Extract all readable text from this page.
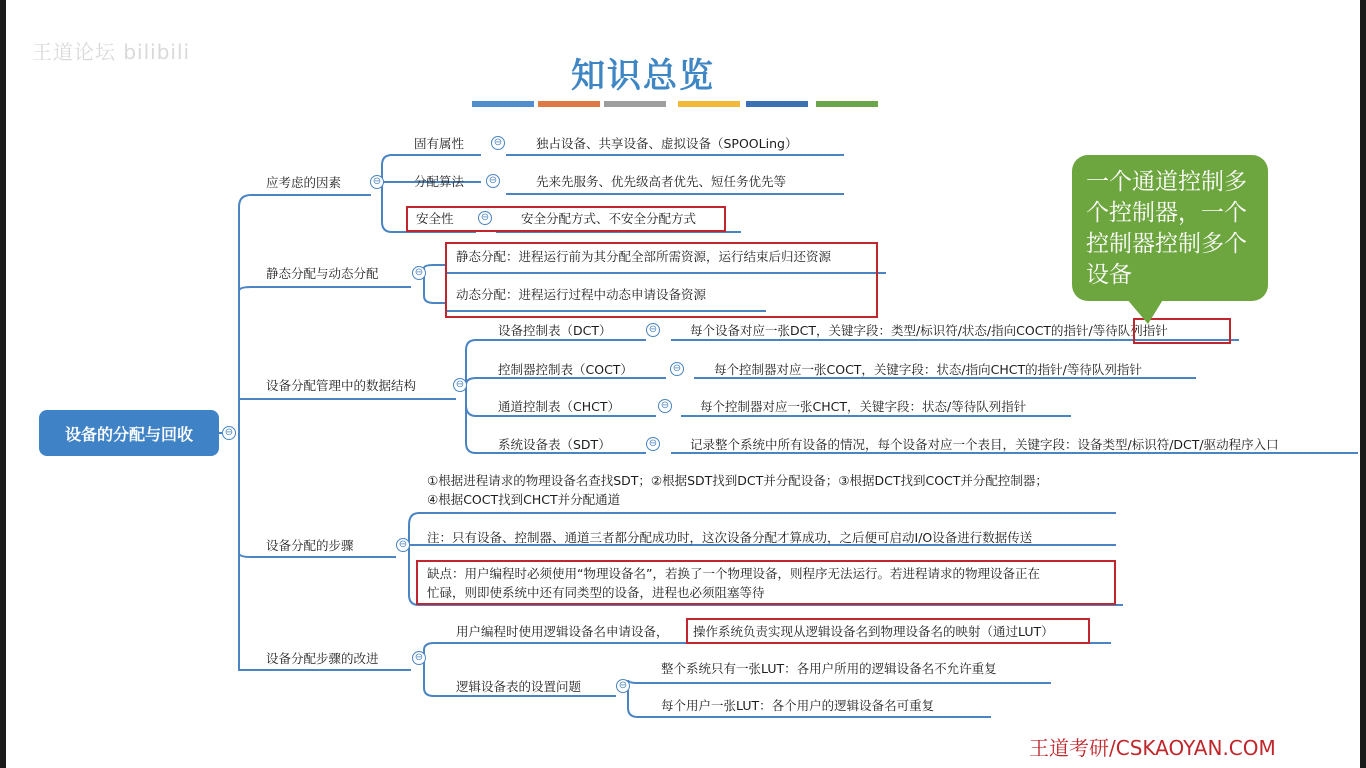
王道论坛 bilibili
知识总览
设备的分配与回收	⊖
应考虑的因素	⊖
固有属性	⊖	独占设备、共享设备、虚拟设备（SPOOLing）
分配算法 ⊖	先来先服务、优先级高者优先、短任务优先等
安全性	⊖	安全分配方式、不安全分配方式
静态分配与动态分配	⊖
静态分配：进程运行前为其分配全部所需资源，运行结束后归还资源
动态分配：进程运行过程中动态申请设备资源
设备分配管理中的数据结构	⊖
设备控制表（DCT）	⊖	每个设备对应一张DCT，关键字段：类型/标识符/状态/指向COCT的指针/等待队列指针
控制器控制表（COCT）	⊖	每个控制器对应一张COCT，关键字段：状态/指向CHCT的指针/等待队列指针
通道控制表（CHCT）	⊖ 每个控制器对应一张CHCT，关键字段：状态/等待队列指针
系统设备表（SDT）	⊖	记录整个系统中所有设备的情况，每个设备对应一个表目，关键字段：设备类型/标识符/DCT/驱动程序入口
设备分配的步骤	⊖
①根据进程请求的物理设备名查找SDT；②根据SDT找到DCT并分配设备；③根据DCT找到COCT并分配控制器；
④根据COCT找到CHCT并分配通道
注：只有设备、控制器、通道三者都分配成功时，这次设备分配才算成功，之后便可启动I/O设备进行数据传送
缺点：用户编程时必须使用“物理设备名”，若换了一个物理设备，则程序无法运行。若进程请求的物理设备正在
忙碌，则即使系统中还有同类型的设备，进程也必须阻塞等待
设备分配步骤的改进	⊖
用户编程时使用逻辑设备名申请设备， 操作系统负责实现从逻辑设备名到物理设备名的映射（通过LUT）
逻辑设备表的设置问题	⊖
整个系统只有一张LUT：各用户所用的逻辑设备名不允许重复
每个用户一张LUT：各个用户的逻辑设备名可重复
一个通道控制多个控制器，一个控制器控制多个设备
王道考研/CSKAOYAN.COM
